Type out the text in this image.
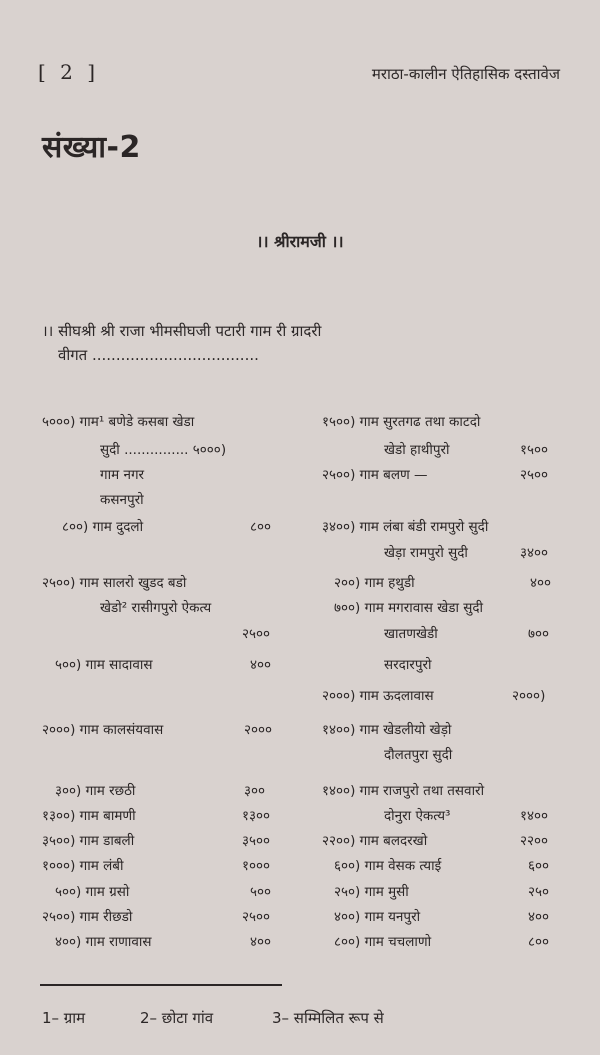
[ 2 ]	मराठा-कालीन ऐतिहासिक दस्तावेज
संख्या-2
।। श्रीरामजी ।।
।। सीघश्री श्री राजा भीमसीघजी पटारी गाम री ग्रादरी
वीगत ...................................
५०००) गाम¹ बणेडे कसबा खेडा
सुदी ............... ५०००)
गाम नगर
कसनपुरो
८००) गाम दुदलो	८००
२५००) गाम सालरो खुडद बडो
खेडो² रासीगपुरो ऐकत्य
२५००
५००) गाम सादावास	४००
२०००) गाम कालसंयवास	२०००
३००) गाम रछठी	३००
१३००) गाम बामणी	१३००
३५००) गाम डाबली	३५००
१०००) गाम लंबी	१०००
५००) गाम ग्रसो	५००
२५००) गाम रीछडो	२५००
४००) गाम राणावास	४००
१५००) गाम सुरतगढ तथा काटदो
खेडो हाथीपुरो	१५००
२५००) गाम बलण —	२५००
३४००) गाम लंबा बंडी रामपुरो सुदी
खेड़ा रामपुरो सुदी	३४००
२००) गाम हथुडी	४००
७००) गाम मगरावास खेडा सुदी
खातणखेडी	७००
सरदारपुरो
२०००) गाम ऊदलावास	२०००)
१४००) गाम खेडलीयो खेड़ो
दौलतपुरा सुदी
१४००) गाम राजपुरो तथा तसवारो
दोनुरा ऐकत्य³	१४००
२२००) गाम बलदरखो	२२००
६००) गाम वेसक त्याई	६००
२५०) गाम मुसी	२५०
४००) गाम यनपुरो	४००
८००) गाम चचलाणो	८००
1– ग्राम	2– छोटा गांव	3– सम्मिलित रूप से
